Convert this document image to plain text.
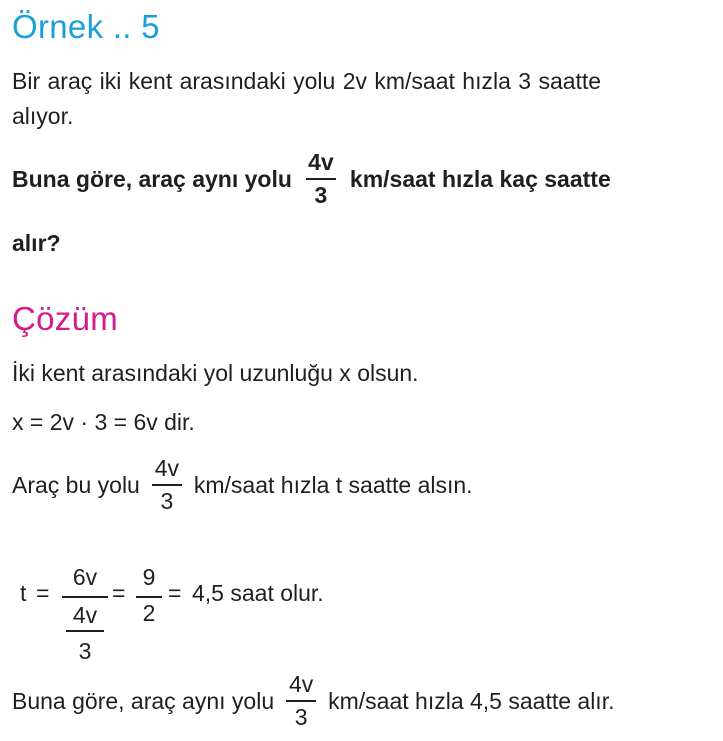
Örnek .. 5
Bir araç iki kent arasındaki yolu 2v km/saat hızla 3 saatte
alıyor.
Buna göre, araç aynı yolu $\frac{4v}{3}$ km/saat hızla kaç saatte
alır?
Çözüm
İki kent arasındaki yol uzunluğu x olsun.
x = 2v · 3 = 6v dir.
Araç bu yolu $\frac{4v}{3}$ km/saat hızla t saatte alsın.
t =
6v
4v
3
=
9
2
= 4,5 saat olur.
Buna göre, araç aynı yolu $\frac{4v}{3}$ km/saat hızla 4,5 saatte alır.
